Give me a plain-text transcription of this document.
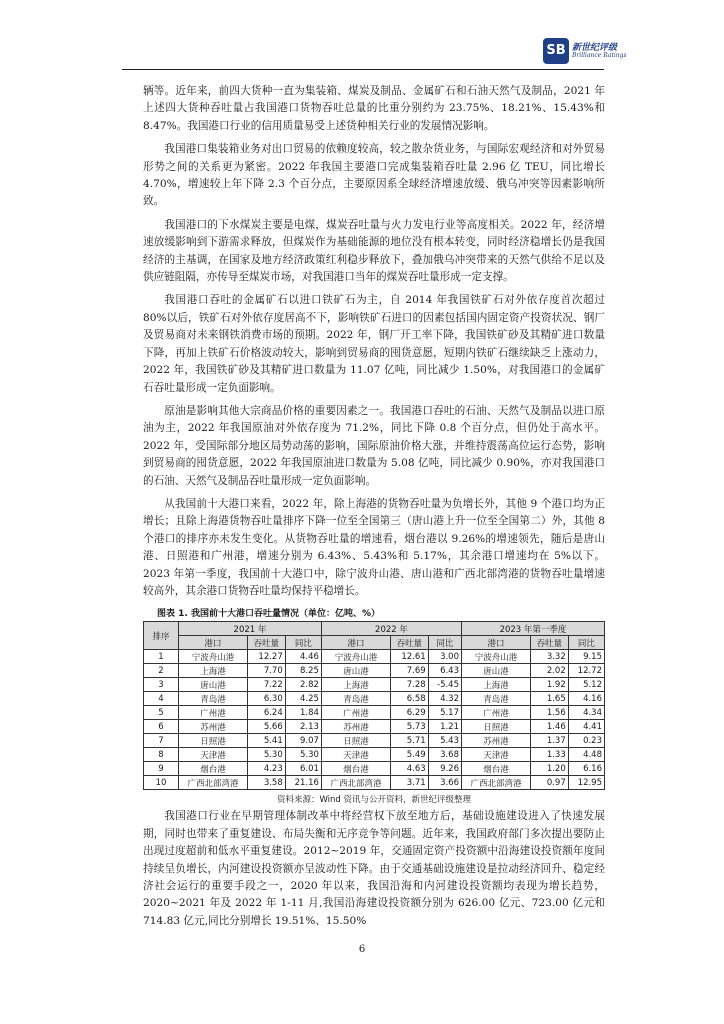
SB 新世纪评级
Brilliance Ratings

辆等。近年来，前四大货种一直为集装箱、煤炭及制品、金属矿石和石油天然气及制品，2021 年上述四大货种吞吐量占我国港口货物吞吐总量的比重分别约为 23.75%、18.21%、15.43%和 8.47%。我国港口行业的信用质量易受上述货种相关行业的发展情况影响。

我国港口集装箱业务对出口贸易的依赖度较高，较之散杂货业务，与国际宏观经济和对外贸易形势之间的关系更为紧密。2022 年我国主要港口完成集装箱吞吐量 2.96 亿 TEU，同比增长 4.70%，增速较上年下降 2.3 个百分点，主要原因系全球经济增速放缓、俄乌冲突等因素影响所致。

我国港口的下水煤炭主要是电煤，煤炭吞吐量与火力发电行业等高度相关。2022 年，经济增速放缓影响到下游需求释放，但煤炭作为基础能源的地位没有根本转变，同时经济稳增长仍是我国经济的主基调，在国家及地方经济政策红利稳步释放下，叠加俄乌冲突带来的天然气供给不足以及供应链阻隔，亦传导至煤炭市场，对我国港口当年的煤炭吞吐量形成一定支撑。

我国港口吞吐的金属矿石以进口铁矿石为主，自 2014 年我国铁矿石对外依存度首次超过 80%以后，铁矿石对外依存度居高不下，影响铁矿石进口的因素包括国内固定资产投资状况、钢厂及贸易商对未来钢铁消费市场的预期。2022 年，钢厂开工率下降，我国铁矿砂及其精矿进口数量下降，再加上铁矿石价格波动较大，影响到贸易商的囤货意愿，短期内铁矿石继续缺乏上涨动力，2022 年，我国铁矿砂及其精矿进口数量为 11.07 亿吨，同比减少 1.50%，对我国港口的金属矿石吞吐量形成一定负面影响。

原油是影响其他大宗商品价格的重要因素之一。我国港口吞吐的石油、天然气及制品以进口原油为主，2022 年我国原油对外依存度为 71.2%，同比下降 0.8 个百分点，但仍处于高水平。2022 年，受国际部分地区局势动荡的影响，国际原油价格大涨，并维持震荡高位运行态势，影响到贸易商的囤货意愿，2022 年我国原油进口数量为 5.08 亿吨，同比减少 0.90%，亦对我国港口的石油、天然气及制品吞吐量形成一定负面影响。

从我国前十大港口来看，2022 年，除上海港的货物吞吐量为负增长外，其他 9 个港口均为正增长；且除上海港货物吞吐量排序下降一位至全国第三（唐山港上升一位至全国第二）外，其他 8 个港口的排序亦未发生变化。从货物吞吐量的增速看，烟台港以 9.26%的增速领先，随后是唐山港、日照港和广州港，增速分别为 6.43%、5.43%和 5.17%，其余港口增速均在 5%以下。2023 年第一季度，我国前十大港口中，除宁波舟山港、唐山港和广西北部湾港的货物吞吐量增速较高外，其余港口货物吞吐量均保持平稳增长。

图表 1. 我国前十大港口吞吐量情况（单位：亿吨、%）
排序	2021 年			2022 年			2023 年第一季度		
	港口	吞吐量	同比	港口	吞吐量	同比	港口	吞吐量	同比
1	宁波舟山港	12.27	4.46	宁波舟山港	12.61	3.00	宁波舟山港	3.32	9.15
2	上海港	7.70	8.25	唐山港	7.69	6.43	唐山港	2.02	12.72
3	唐山港	7.22	2.82	上海港	7.28	-5.45	上海港	1.92	5.12
4	青岛港	6.30	4.25	青岛港	6.58	4.32	青岛港	1.65	4.16
5	广州港	6.24	1.84	广州港	6.29	5.17	广州港	1.56	4.34
6	苏州港	5.66	2.13	苏州港	5.73	1.21	日照港	1.46	4.41
7	日照港	5.41	9.07	日照港	5.71	5.43	苏州港	1.37	0.23
8	天津港	5.30	5.30	天津港	5.49	3.68	天津港	1.33	4.48
9	烟台港	4.23	6.01	烟台港	4.63	9.26	烟台港	1.20	6.16
10	广西北部湾港	3.58	21.16	广西北部湾港	3.71	3.66	广西北部湾港	0.97	12.95
资料来源：Wind 资讯与公开资料，新世纪评级整理

我国港口行业在早期管理体制改革中将经营权下放至地方后，基础设施建设进入了快速发展期，同时也带来了重复建设、布局失衡和无序竞争等问题。近年来，我国政府部门多次提出要防止出现过度超前和低水平重复建设。2012~2019 年，交通固定资产投资额中沿海建设投资额年度间持续呈负增长，内河建设投资额亦呈波动性下降。由于交通基础设施建设是拉动经济回升、稳定经济社会运行的重要手段之一，2020 年以来，我国沿海和内河建设投资额均表现为增长趋势，2020~2021 年及 2022 年 1-11 月,我国沿海建设投资额分别为 626.00 亿元、723.00 亿元和 714.83 亿元,同比分别增长 19.51%、15.50%

6
